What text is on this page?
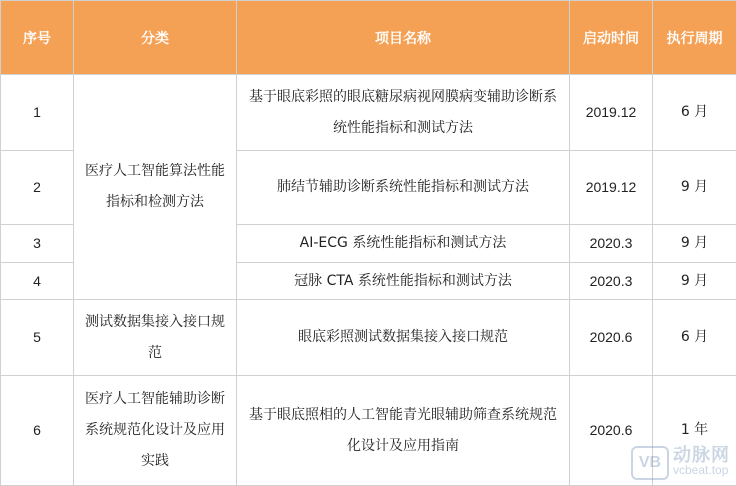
序号	分类	项目名称	启动时间	执行周期
1	医疗人工智能算法性能指标和检测方法	基于眼底彩照的眼底糖尿病视网膜病变辅助诊断系统性能指标和测试方法	2019.12	6 月
2		肺结节辅助诊断系统性能指标和测试方法	2019.12	9 月
3		AI-ECG 系统性能指标和测试方法	2020.3	9 月
4		冠脉 CTA 系统性能指标和测试方法	2020.3	9 月
5	测试数据集接入接口规范	眼底彩照测试数据集接入接口规范	2020.6	6 月
6	医疗人工智能辅助诊断系统规范化设计及应用实践	基于眼底照相的人工智能青光眼辅助筛查系统规范化设计及应用指南	2020.6	1 年
VB 动脉网
vcbeat.top
